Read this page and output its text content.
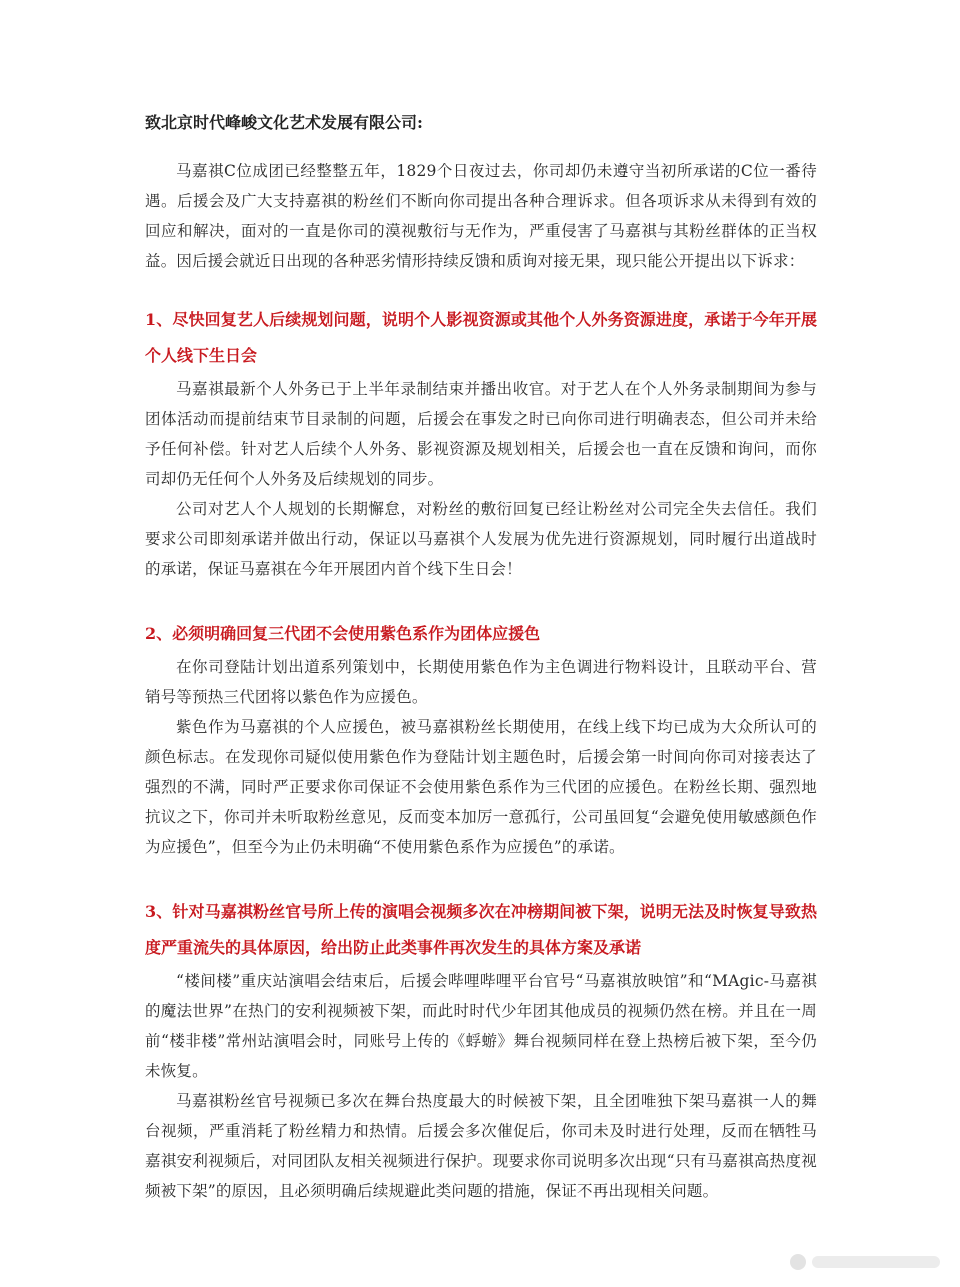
致北京时代峰峻文化艺术发展有限公司:

马嘉祺C位成团已经整整五年，1829个日夜过去，你司却仍未遵守当初所承诺的C位一番待遇。后援会及广大支持嘉祺的粉丝们不断向你司提出各种合理诉求。但各项诉求从未得到有效的回应和解决，面对的一直是你司的漠视敷衍与无作为，严重侵害了马嘉祺与其粉丝群体的正当权益。因后援会就近日出现的各种恶劣情形持续反馈和质询对接无果，现只能公开提出以下诉求：

1、尽快回复艺人后续规划问题，说明个人影视资源或其他个人外务资源进度，承诺于今年开展个人线下生日会

马嘉祺最新个人外务已于上半年录制结束并播出收官。对于艺人在个人外务录制期间为参与团体活动而提前结束节目录制的问题，后援会在事发之时已向你司进行明确表态，但公司并未给予任何补偿。针对艺人后续个人外务、影视资源及规划相关，后援会也一直在反馈和询问，而你司却仍无任何个人外务及后续规划的同步。

公司对艺人个人规划的长期懈怠，对粉丝的敷衍回复已经让粉丝对公司完全失去信任。我们要求公司即刻承诺并做出行动，保证以马嘉祺个人发展为优先进行资源规划，同时履行出道战时的承诺，保证马嘉祺在今年开展团内首个线下生日会！

2、必须明确回复三代团不会使用紫色系作为团体应援色

在你司登陆计划出道系列策划中，长期使用紫色作为主色调进行物料设计，且联动平台、营销号等预热三代团将以紫色作为应援色。

紫色作为马嘉祺的个人应援色，被马嘉祺粉丝长期使用，在线上线下均已成为大众所认可的颜色标志。在发现你司疑似使用紫色作为登陆计划主题色时，后援会第一时间向你司对接表达了强烈的不满，同时严正要求你司保证不会使用紫色系作为三代团的应援色。在粉丝长期、强烈地抗议之下，你司并未听取粉丝意见，反而变本加厉一意孤行，公司虽回复“会避免使用敏感颜色作为应援色”，但至今为止仍未明确“不使用紫色系作为应援色”的承诺。

3、针对马嘉祺粉丝官号所上传的演唱会视频多次在冲榜期间被下架，说明无法及时恢复导致热度严重流失的具体原因，给出防止此类事件再次发生的具体方案及承诺

“楼间楼”重庆站演唱会结束后，后援会哔哩哔哩平台官号“马嘉祺放映馆”和“MAgic-马嘉祺的魔法世界”在热门的安利视频被下架，而此时时代少年团其他成员的视频仍然在榜。并且在一周前“楼非楼”常州站演唱会时，同账号上传的《蜉蝣》舞台视频同样在登上热榜后被下架，至今仍未恢复。

马嘉祺粉丝官号视频已多次在舞台热度最大的时候被下架，且全团唯独下架马嘉祺一人的舞台视频，严重消耗了粉丝精力和热情。后援会多次催促后，你司未及时进行处理，反而在牺牲马嘉祺安利视频后，对同团队友相关视频进行保护。现要求你司说明多次出现“只有马嘉祺高热度视频被下架”的原因，且必须明确后续规避此类问题的措施，保证不再出现相关问题。
